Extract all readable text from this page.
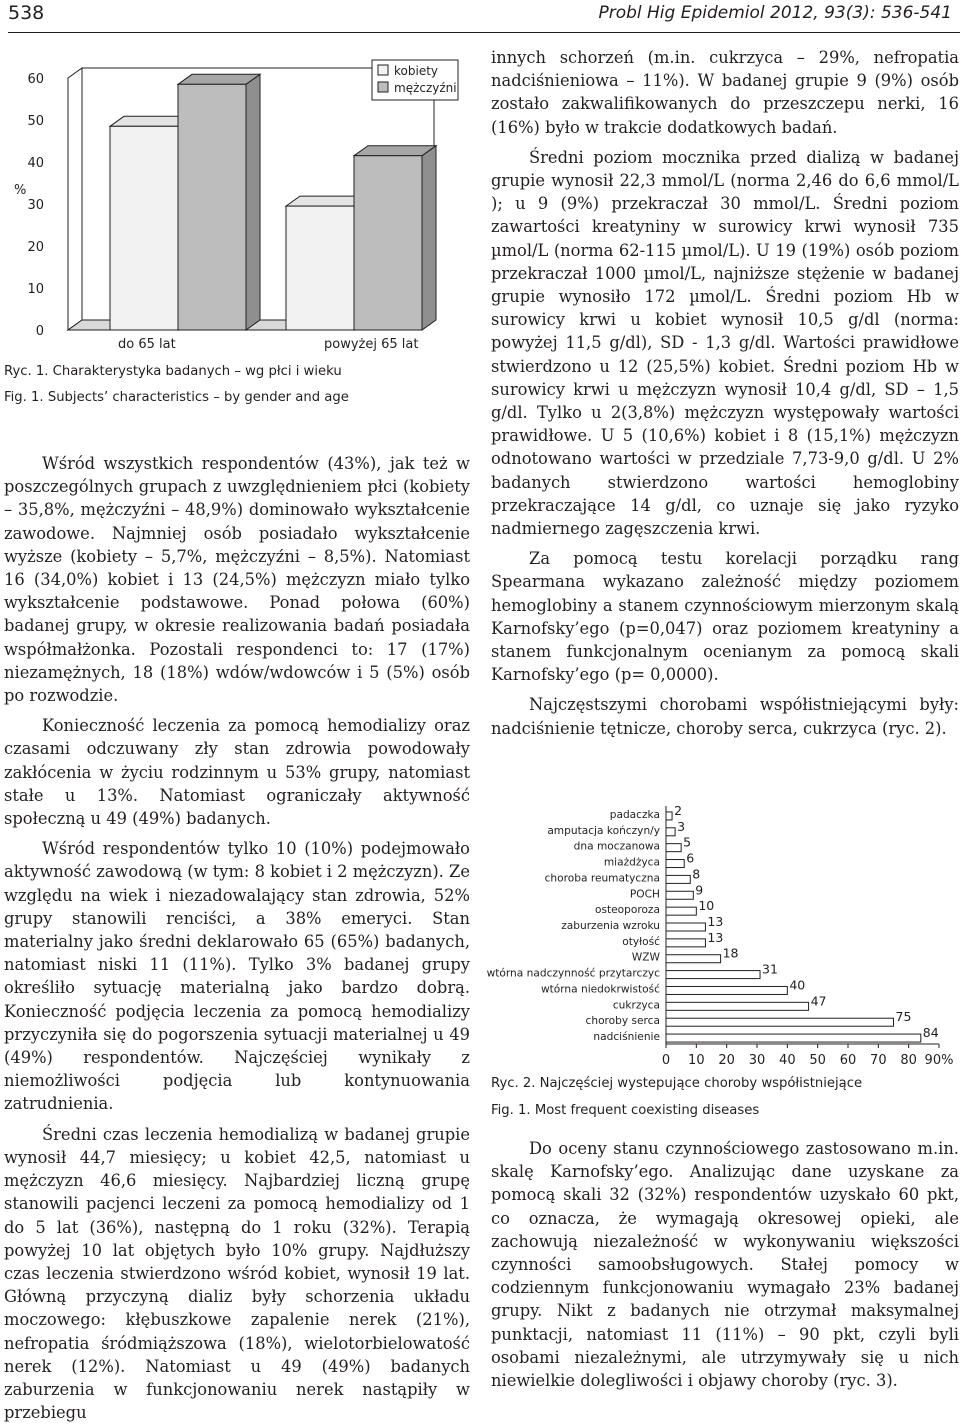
538	Probl Hig Epidemiol 2012, 93(3): 536-541
0
10
20
30
40
50
60
%
do 65 lat	powyżej 65 lat
kobiety
mężczyźni
Ryc. 1. Charakterystyka badanych – wg płci i wieku
Fig. 1. Subjects’ characteristics – by gender and age

Wśród wszystkich respondentów (43%), jak też w poszczególnych grupach z uwzględnieniem płci (kobiety – 35,8%, mężczyźni – 48,9%) dominowało wykształcenie zawodowe. Najmniej osób posiadało wykształcenie wyższe (kobiety – 5,7%, mężczyźni – 8,5%). Natomiast 16 (34,0%) kobiet i 13 (24,5%) mężczyzn miało tylko wykształcenie podstawowe. Ponad połowa (60%) badanej grupy, w okresie realizowania badań posiadała współmałżonka. Pozostali respondenci to: 17 (17%) niezamężnych, 18 (18%) wdów/wdowców i 5 (5%) osób po rozwodzie.

Konieczność leczenia za pomocą hemodializy oraz czasami odczuwany zły stan zdrowia powodowały zakłócenia w życiu rodzinnym u 53% grupy, natomiast stałe u 13%. Natomiast ograniczały aktywność społeczną u 49 (49%) badanych.

Wśród respondentów tylko 10 (10%) podejmowało aktywność zawodową (w tym: 8 kobiet i 2 mężczyzn). Ze względu na wiek i niezadowalający stan zdrowia, 52% grupy stanowili renciści, a 38% emeryci. Stan materialny jako średni deklarowało 65 (65%) badanych, natomiast niski 11 (11%). Tylko 3% badanej grupy określiło sytuację materialną jako bardzo dobrą. Konieczność podjęcia leczenia za pomocą hemodializy przyczyniła się do pogorszenia sytuacji materialnej u 49 (49%) respondentów. Najczęściej wynikały z niemożliwości podjęcia lub kontynuowania zatrudnienia.

Średni czas leczenia hemodializą w badanej grupie wynosił 44,7 miesięcy; u kobiet 42,5, natomiast u mężczyzn 46,6 miesięcy. Najbardziej liczną grupę stanowili pacjenci leczeni za pomocą hemodializy od 1 do 5 lat (36%), następną do 1 roku (32%). Terapią powyżej 10 lat objętych było 10% grupy. Najdłuższy czas leczenia stwierdzono wśród kobiet, wynosił 19 lat. Główną przyczyną dializ były schorzenia układu moczowego: kłębuszkowe zapalenie nerek (21%), nefropatia śródmiąższowa (18%), wielotorbielowatość nerek (12%). Natomiast u 49 (49%) badanych zaburzenia w funkcjonowaniu nerek nastąpiły w przebiegu

innych schorzeń (m.in. cukrzyca – 29%, nefropatia nadciśnieniowa – 11%). W badanej grupie 9 (9%) osób zostało zakwalifikowanych do przeszczepu nerki, 16 (16%) było w trakcie dodatkowych badań.

Średni poziom mocznika przed dializą w badanej grupie wynosił 22,3 mmol/L (norma 2,46 do 6,6 mmol/L ); u 9 (9%) przekraczał 30 mmol/L. Średni poziom zawartości kreatyniny w surowicy krwi wynosił 735 µmol/L (norma 62-115 µmol/L). U 19 (19%) osób poziom przekraczał 1000 µmol/L, najniższe stężenie w badanej grupie wynosiło 172 µmol/L. Średni poziom Hb w surowicy krwi u kobiet wynosił 10,5 g/dl (norma: powyżej 11,5 g/dl), SD - 1,3 g/dl. Wartości prawidłowe stwierdzono u 12 (25,5%) kobiet. Średni poziom Hb w surowicy krwi u mężczyzn wynosił 10,4 g/dl, SD – 1,5 g/dl. Tylko u 2(3,8%) mężczyzn występowały wartości prawidłowe. U 5 (10,6%) kobiet i 8 (15,1%) mężczyzn odnotowano wartości w przedziale 7,73-9,0 g/dl. U 2% badanych stwierdzono wartości hemoglobiny przekraczające 14 g/dl, co uznaje się jako ryzyko nadmiernego zagęszczenia krwi.

Za pomocą testu korelacji porządku rang Spearmana wykazano zależność między poziomem hemoglobiny a stanem czynnościowym mierzonym skalą Karnofsky’ego (p=0,047) oraz poziomem kreatyniny a stanem funkcjonalnym ocenianym za pomocą skali Karnofsky’ego (p= 0,0000).

Najczęstszymi chorobami współistniejącymi były: nadciśnienie tętnicze, choroby serca, cukrzyca (ryc. 2).

0 10 20 30 40 50 60 70 80 90%
padaczka 2
amputacja kończyn/y 3
dna moczanowa 5
miażdżyca 6
choroba reumatyczna	8
POCH	9
osteoporoza	10
zaburzenia wzroku	13
otyłość	13
WZW	18
wtórna nadczynność przytarczyc	31
wtórna niedokrwistość	40
cukrzyca	47
choroby serca	75
nadciśnienie	84
Ryc. 2. Najczęściej wystepujące choroby współistniejące
Fig. 1. Most frequent coexisting diseases

Do oceny stanu czynnościowego zastosowano m.in. skalę Karnofsky’ego. Analizując dane uzyskane za pomocą skali 32 (32%) respondentów uzyskało 60 pkt, co oznacza, że wymagają okresowej opieki, ale zachowują niezależność w wykonywaniu większości czynności samoobsługowych. Stałej pomocy w codziennym funkcjonowaniu wymagało 23% badanej grupy. Nikt z badanych nie otrzymał maksymalnej punktacji, natomiast 11 (11%) – 90 pkt, czyli byli osobami niezależnymi, ale utrzymywały się u nich niewielkie dolegliwości i objawy choroby (ryc. 3).
